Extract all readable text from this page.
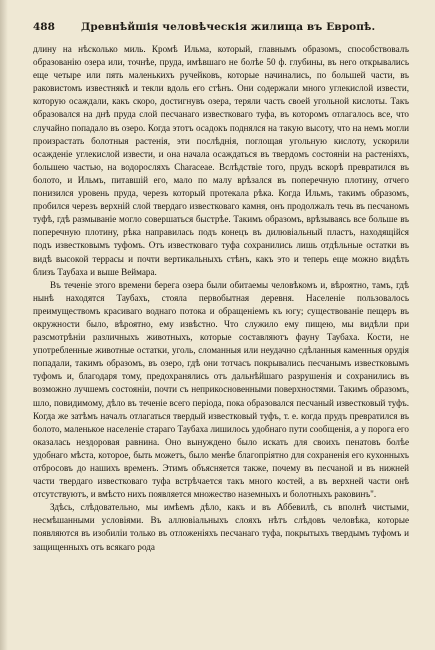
488 Древнѣйшія человѣческія жилища въ Европѣ.

длину на нѣсколько миль. Кромѣ Ильма, который, главнымъ образомъ, способствовалъ образованію озера или, точнѣе, пруда, имѣвшаго не болѣе 50 ф. глубины, въ него открывались еще четыре или пять маленькихъ ручейковъ, которые начинались, по большей части, въ раковистомъ известнякѣ и текли вдоль его стѣнъ. Они содержали много углекислой извести, которую осаждали, какъ скоро, достигнувъ озера, теряли часть своей угольной кислоты. Такъ образовался на днѣ пруда слой песчанаго известковаго туфа, въ которомъ отлагалось все, что случайно попадало въ озеро. Когда этотъ осадокъ поднялся на такую высоту, что на немъ могли произрастать болотныя растенія, эти послѣднія, поглощая угольную кислоту, ускорили осажденіе углекислой извести, и она начала осаждаться въ твердомъ состояніи на растеніяхъ, большею частью, на водоросляхъ Characeae. Вслѣдствіе того, прудъ вскорѣ превратился въ болото, и Ильмъ, питавшій его, мало по малу врѣзался въ поперечную плотину, отчего понизился уровень пруда, черезъ который протекала рѣка. Когда Ильмъ, такимъ образомъ, пробился черезъ верхній слой твердаго известковаго камня, онъ продолжалъ течь въ песчаномъ туфѣ, гдѣ размываніе могло совершаться быстрѣе. Такимъ образомъ, врѣзываясь все больше въ поперечную плотину, рѣка направилась подъ конецъ въ дилювіальный пластъ, находящійся подъ известковымъ туфомъ. Отъ известковаго туфа сохранились лишь отдѣльные остатки въ видѣ высокой террасы и почти вертикальныхъ стѣнъ, какъ это и теперь еще можно видѣть близъ Таубаха и выше Веймара.

Въ теченіе этого времени берега озера были обитаемы человѣкомъ и, вѣроятно, тамъ, гдѣ нынѣ находятся Таубахъ, стояла первобытная деревня. Населеніе пользовалось преимуществомъ красиваго воднаго потока и обращеніемъ къ югу; существованіе пещеръ въ окружности было, вѣроятно, ему извѣстно. Что служило ему пищею, мы видѣли при разсмотрѣніи различныхъ животныхъ, которые составляютъ фауну Таубаха. Кости, не употребленные животные остатки, уголь, сломанныя или неудачно сдѣланныя каменныя орудія попадали, такимъ образомъ, въ озеро, гдѣ они тотчасъ покрывались песчанымъ известковымъ туфомъ и, благодаря тому, предохранялись отъ дальнѣйшаго разрушенія и сохранились въ возможно лучшемъ состояніи, почти съ неприкосновенными поверхностями. Такимъ образомъ, шло, повидимому, дѣло въ теченіе всего періода, пока образовался песчаный известковый туфъ. Когда же затѣмъ началъ отлагаться твердый известковый туфъ, т. е. когда прудъ превратился въ болото, маленькое населеніе стараго Таубаха лишилось удобнаго пути сообщенія, а у порога его оказалась нездоровая равнина. Оно вынуждено было искать для своихъ пенатовъ болѣе удобнаго мѣста, которое, быть можетъ, было менѣе благопріятно для сохраненія его кухонныхъ отбросовъ до нашихъ временъ. Этимъ объясняется также, почему въ песчаной и въ нижней части твердаго известковаго туфа встрѣчается такъ много костей, а въ верхней части онѣ отсутствуютъ, и вмѣсто нихъ появляется множество наземныхъ и болотныхъ раковинъ".

Здѣсь, слѣдовательно, мы имѣемъ дѣло, какъ и въ Аббевилѣ, съ вполнѣ чистыми, несмѣшанными условіями. Въ аллювіальныхъ слояхъ нѣтъ слѣдовъ человѣка, которые появляются въ изобиліи только въ отложеніяхъ песчанаго туфа, покрытыхъ твердымъ туфомъ и защищенныхъ отъ всякаго рода
